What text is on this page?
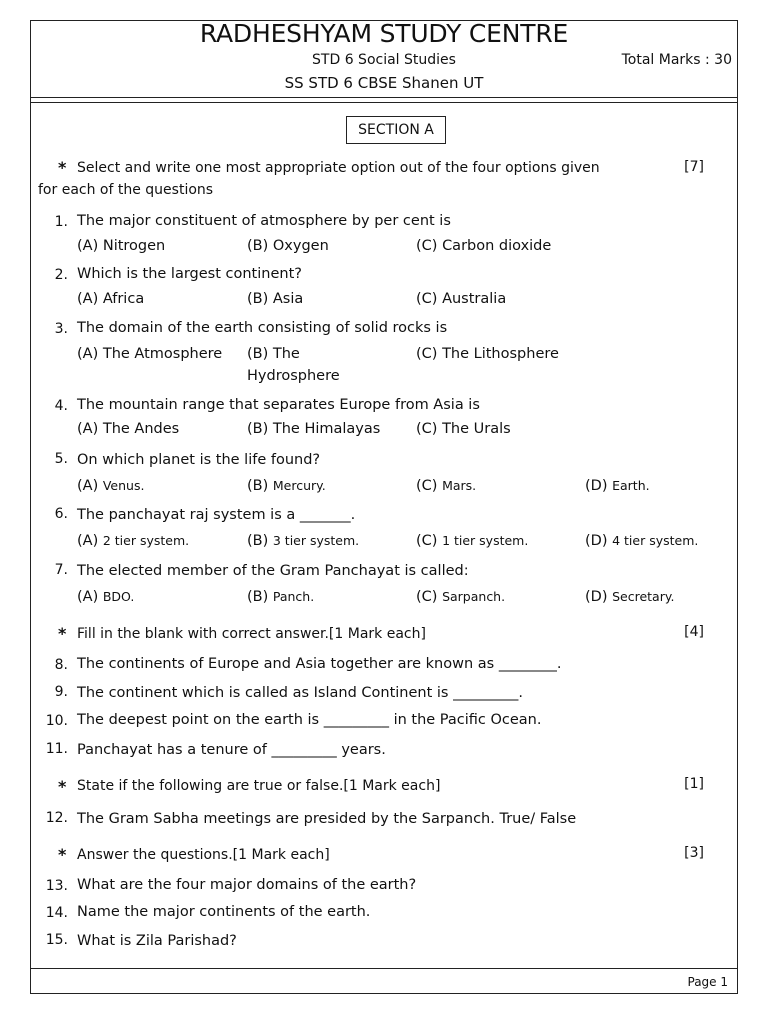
RADHESHYAM STUDY CENTRE
STD 6 Social Studies	Total Marks : 30
SS STD 6 CBSE Shanen UT
SECTION A
* Select and write one most appropriate option out of the four options given
for each of the questions
[7]
1. The major constituent of atmosphere by per cent is
(A) Nitrogen	(B) Oxygen	(C) Carbon dioxide
2. Which is the largest continent?
(A) Africa	(B) Asia	(C) Australia
3. The domain of the earth consisting of solid rocks is
(A) The Atmosphere (B) The
Hydrosphere
(C) The Lithosphere
4. The mountain range that separates Europe from Asia is
(A) The Andes	(B) The Himalayas (C) The Urals
5. On which planet is the life found?
(A) Venus.	(B) Mercury.	(C) Mars.	(D) Earth.
6. The panchayat raj system is a _______.
(A) 2 tier system.	(B) 3 tier system.	(C) 1 tier system.	(D) 4 tier system.
7. The elected member of the Gram Panchayat is called:
(A) BDO.	(B) Panch.	(C) Sarpanch.	(D) Secretary.
* Fill in the blank with correct answer.[1 Mark each]	[4]
8. The continents of Europe and Asia together are known as ________.
9. The continent which is called as Island Continent is _________.
10. The deepest point on the earth is _________ in the Pacific Ocean.
11. Panchayat has a tenure of _________ years.
* State if the following are true or false.[1 Mark each]	[1]
12. The Gram Sabha meetings are presided by the Sarpanch. True/ False
* Answer the questions.[1 Mark each]	[3]
13. What are the four major domains of the earth?
14. Name the major continents of the earth.
15. What is Zila Parishad?
Page 1
